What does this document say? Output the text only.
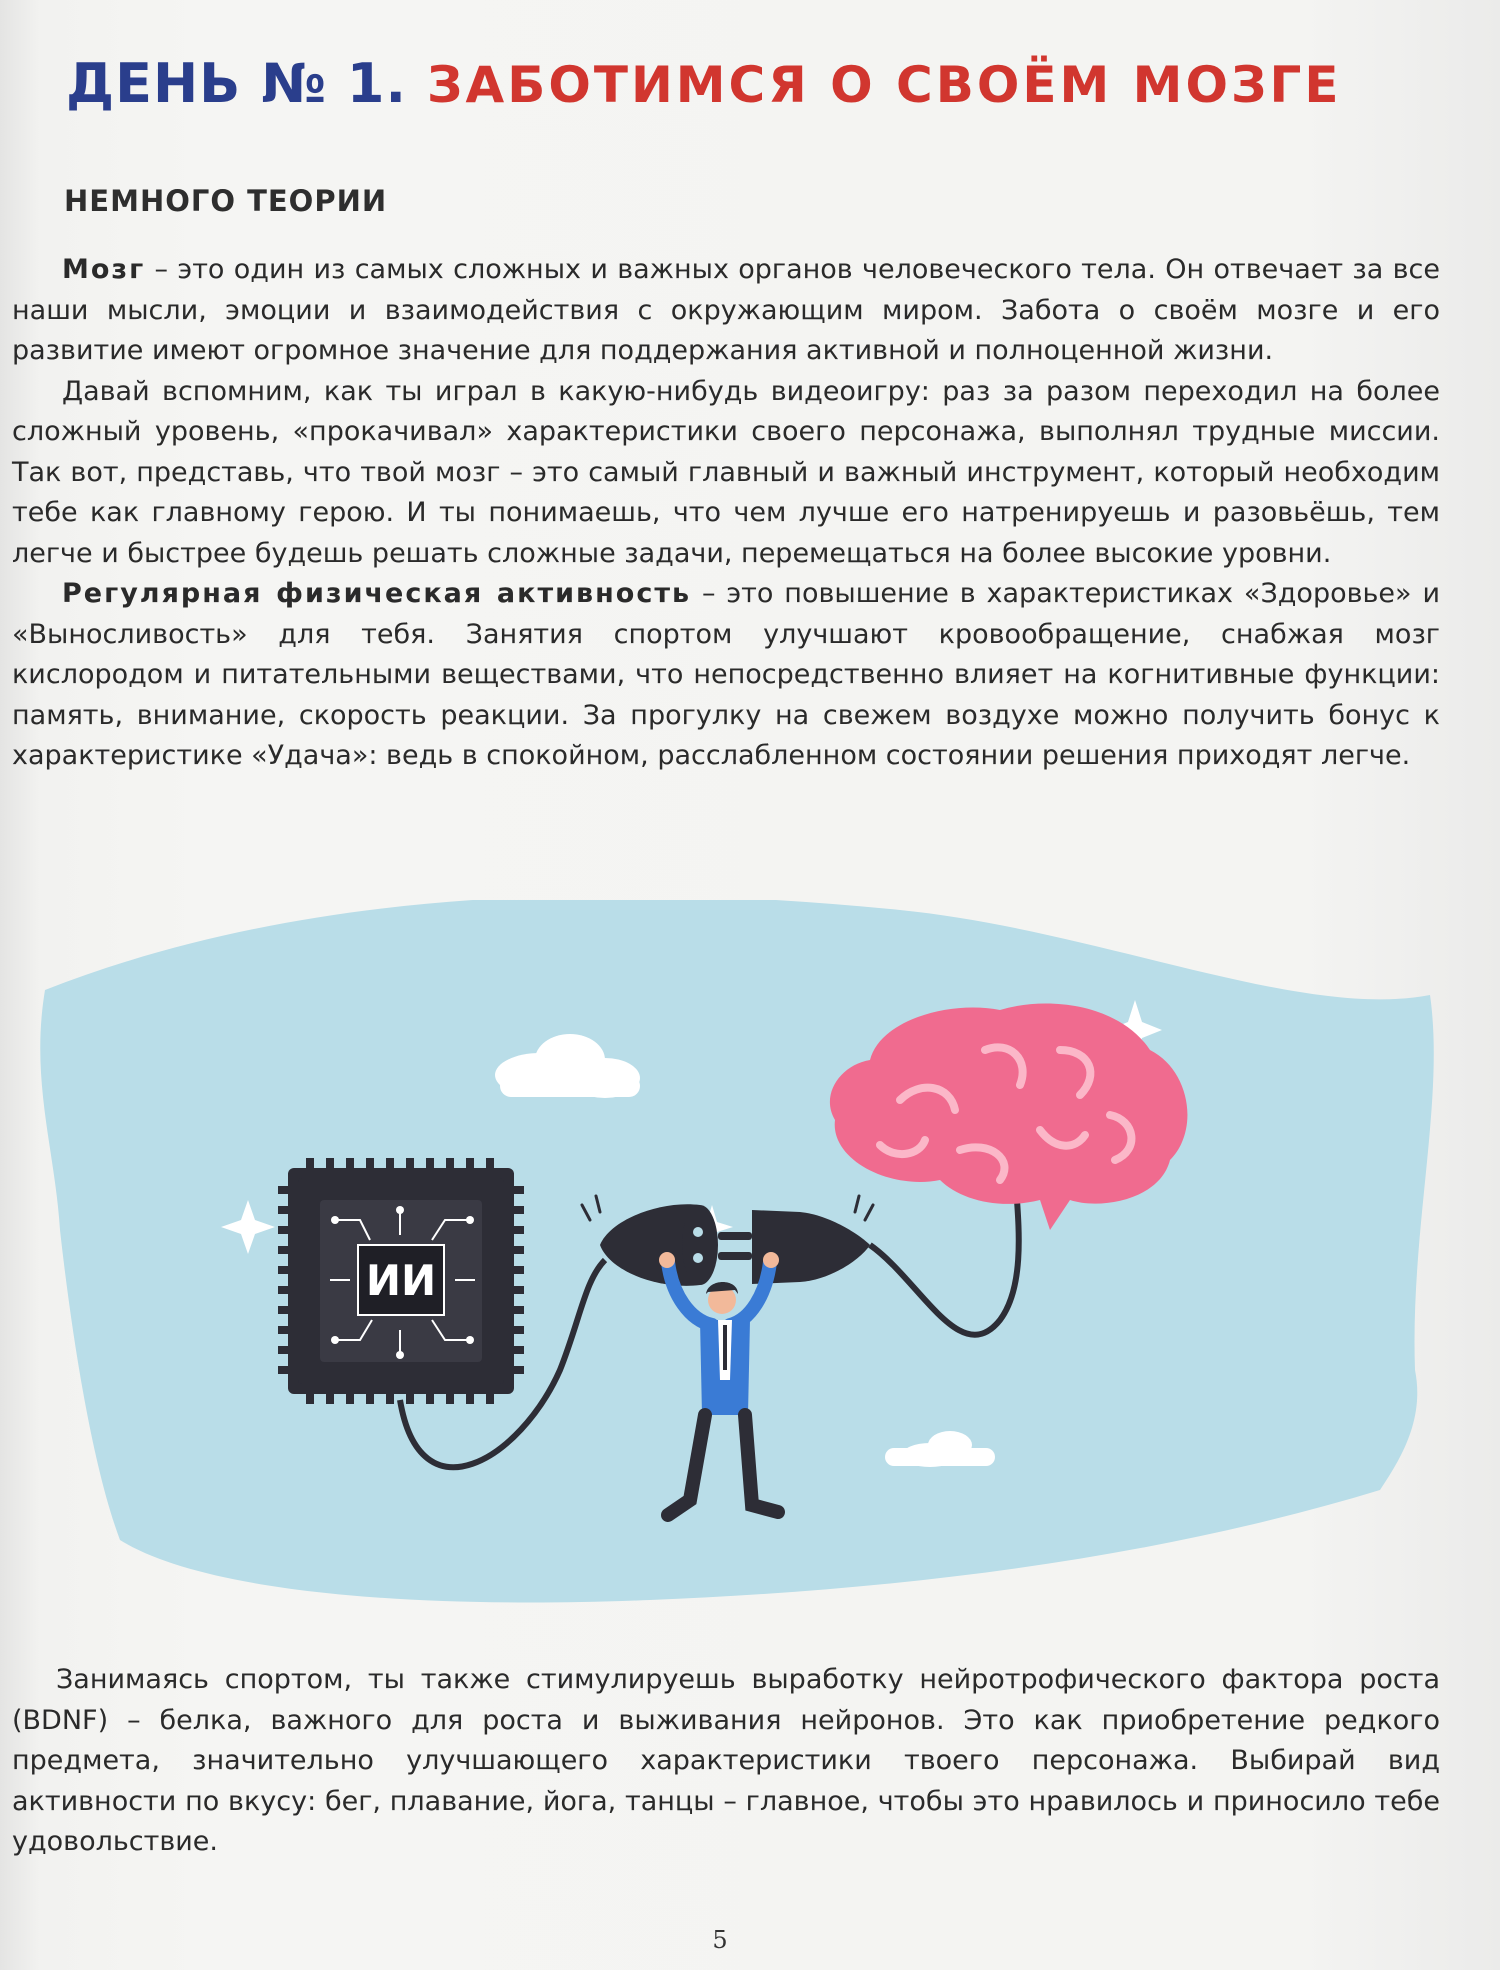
ДЕНЬ № 1. ЗАБОТИМСЯ О СВОЁМ МОЗГЕ
НЕМНОГО ТЕОРИИ

Мозг – это один из самых сложных и важных органов человеческого тела. Он отвечает за все наши мысли, эмоции и взаимодействия с окружающим миром. Забота о своём мозге и его развитие имеют огромное значение для поддержания активной и полноценной жизни.

Давай вспомним, как ты играл в какую-нибудь видеоигру: раз за разом переходил на более сложный уровень, «прокачивал» характеристики своего персонажа, выполнял трудные миссии. Так вот, представь, что твой мозг – это самый главный и важный инструмент, который необходим тебе как главному герою. И ты понимаешь, что чем лучше его натренируешь и разовьёшь, тем легче и быстрее будешь решать сложные задачи, перемещаться на более высокие уровни.

Регулярная физическая активность – это повышение в характеристиках «Здоровье» и «Выносливость» для тебя. Занятия спортом улучшают кровообращение, снабжая мозг кислородом и питательными веществами, что непосредственно влияет на когнитивные функции: память, внимание, скорость реакции. За прогулку на свежем воздухе можно получить бонус к характеристике «Удача»: ведь в спокойном, расслабленном состоянии решения приходят легче.

ИИ

Занимаясь спортом, ты также стимулируешь выработку нейротрофического фактора роста (BDNF) – белка, важного для роста и выживания нейронов. Это как приобретение редкого предмета, значительно улучшающего характеристики твоего персонажа. Выбирай вид активности по вкусу: бег, плавание, йога, танцы – главное, чтобы это нравилось и приносило тебе удовольствие.

5
